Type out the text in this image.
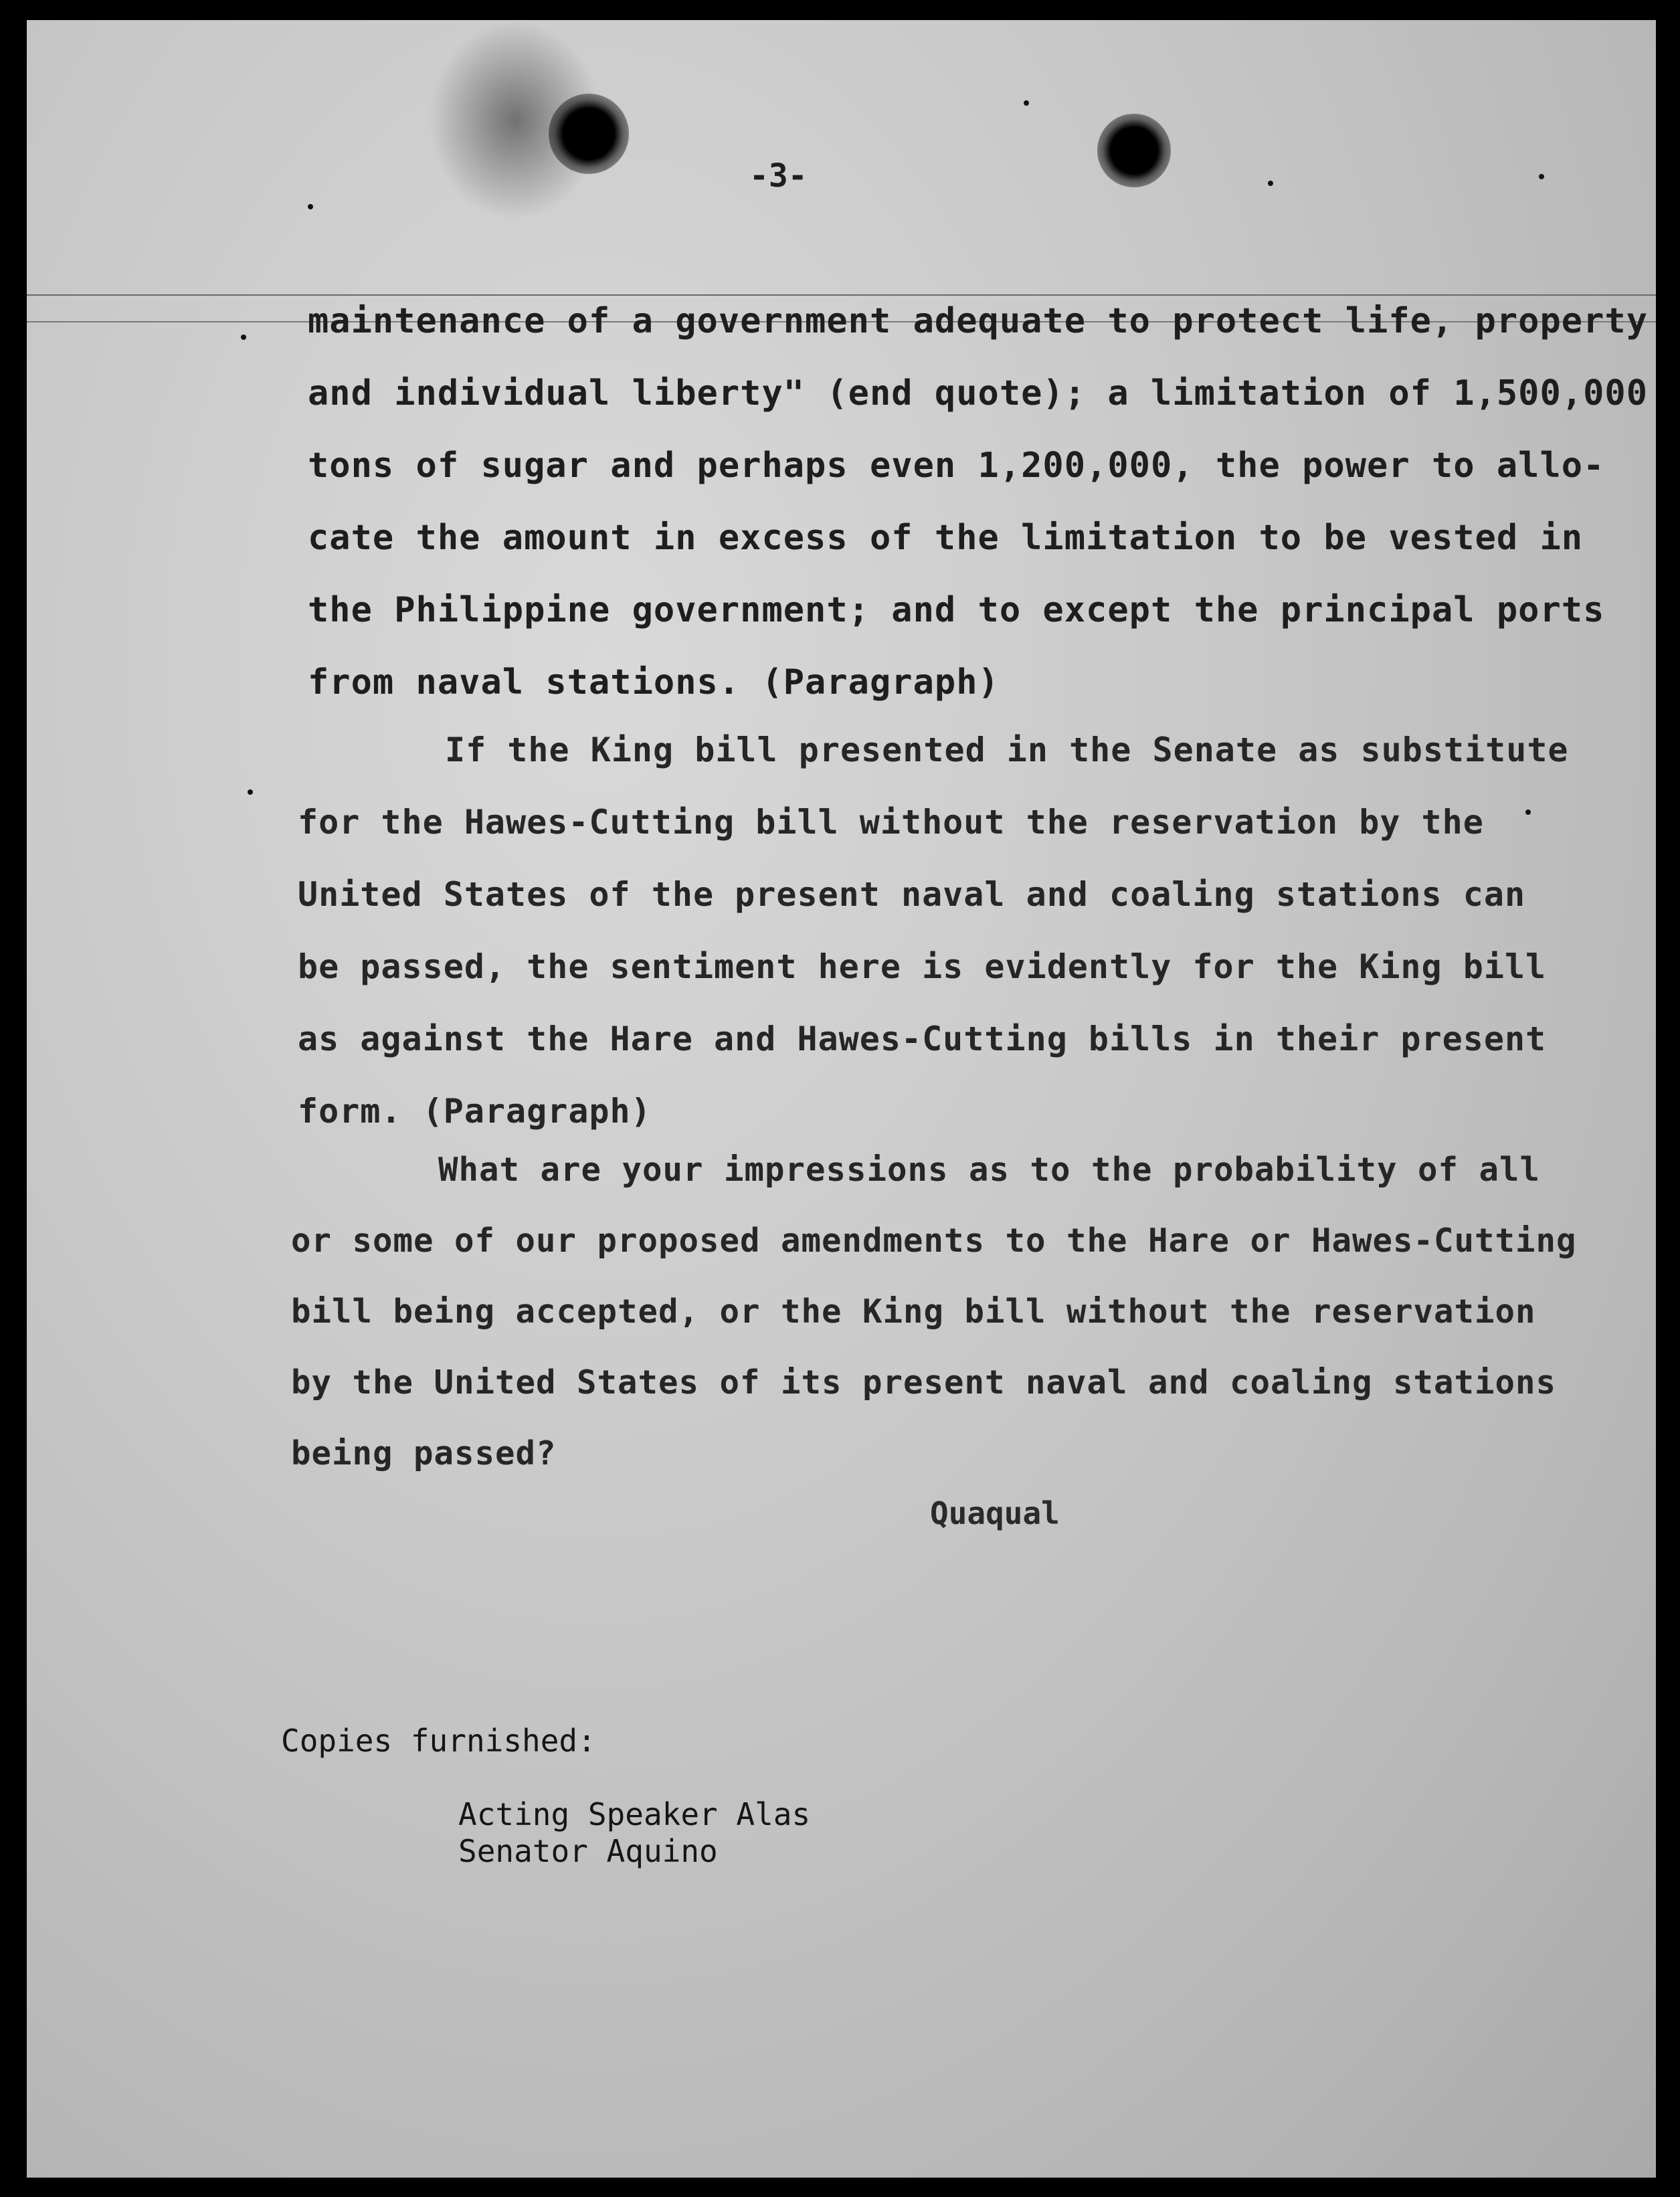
-3-
maintenance of a government adequate to protect life, property
and individual liberty" (end quote); a limitation of 1,500,000
tons of sugar and perhaps even 1,200,000, the power to allo-
cate the amount in excess of the limitation to be vested in
the Philippine government; and to except the principal ports
from naval stations. (Paragraph)
If the King bill presented in the Senate as substitute
for the Hawes-Cutting bill without the reservation by the
United States of the present naval and coaling stations can
be passed, the sentiment here is evidently for the King bill
as against the Hare and Hawes-Cutting bills in their present
form. (Paragraph)
What are your impressions as to the probability of all
or some of our proposed amendments to the Hare or Hawes-Cutting
bill being accepted, or the King bill without the reservation
by the United States of its present naval and coaling stations
being passed?
Quaqual
Copies furnished:
Acting Speaker Alas
Senator Aquino
